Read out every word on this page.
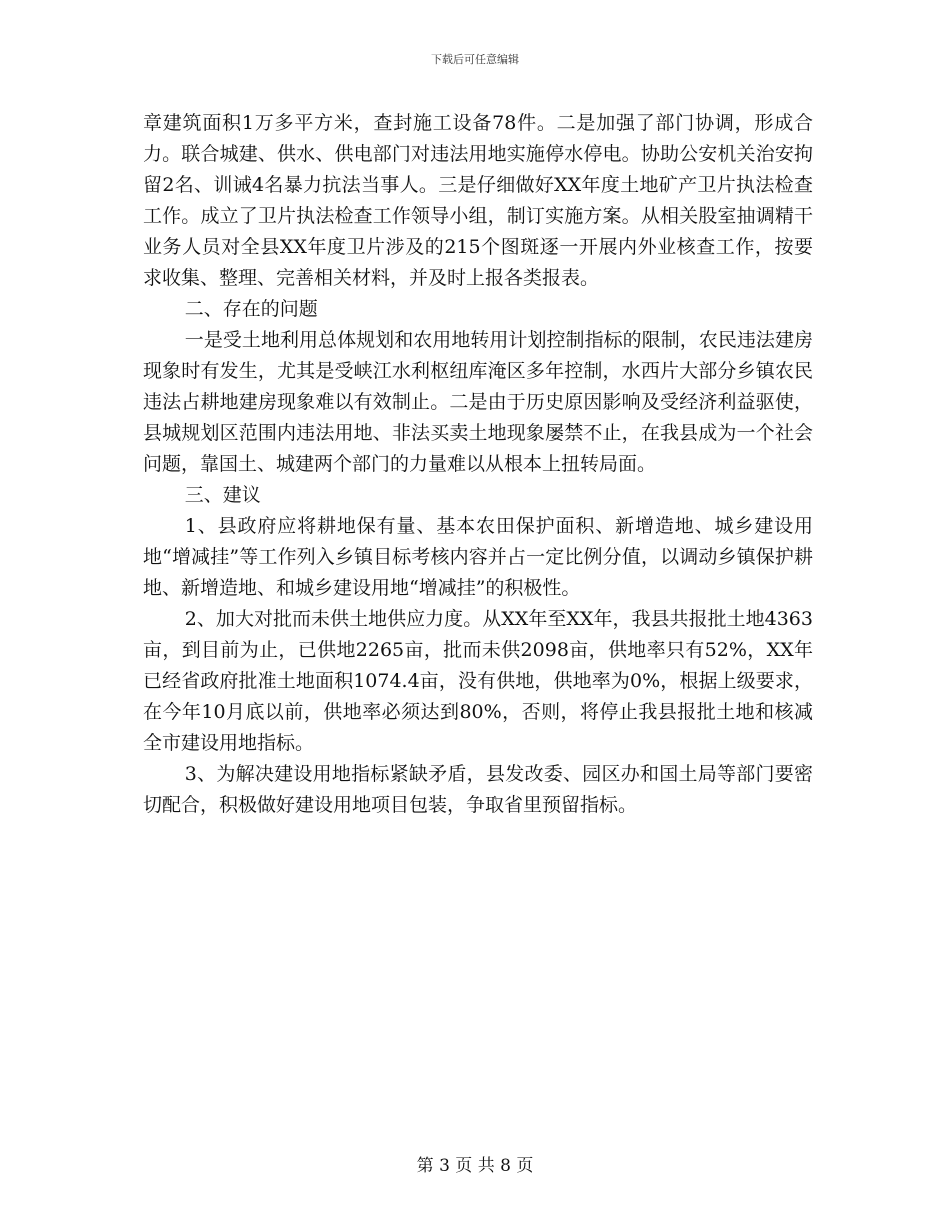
下载后可任意编辑

章建筑面积1万多平方米，查封施工设备78件。二是加强了部门协调，形成合力。联合城建、供水、供电部门对违法用地实施停水停电。协助公安机关治安拘留2名、训诫4名暴力抗法当事人。三是仔细做好XX年度土地矿产卫片执法检查工作。成立了卫片执法检查工作领导小组，制订实施方案。从相关股室抽调精干业务人员对全县XX年度卫片涉及的215个图斑逐一开展内外业核查工作，按要求收集、整理、完善相关材料，并及时上报各类报表。

二、存在的问题

一是受土地利用总体规划和农用地转用计划控制指标的限制，农民违法建房现象时有发生，尤其是受峡江水利枢纽库淹区多年控制，水西片大部分乡镇农民违法占耕地建房现象难以有效制止。二是由于历史原因影响及受经济利益驱使，县城规划区范围内违法用地、非法买卖土地现象屡禁不止，在我县成为一个社会问题，靠国土、城建两个部门的力量难以从根本上扭转局面。

三、建议

1、县政府应将耕地保有量、基本农田保护面积、新增造地、城乡建设用地“增减挂”等工作列入乡镇目标考核内容并占一定比例分值，以调动乡镇保护耕地、新增造地、和城乡建设用地“增减挂”的积极性。

2、加大对批而未供土地供应力度。从XX年至XX年，我县共报批土地4363亩，到目前为止，已供地2265亩，批而未供2098亩，供地率只有52%，XX年已经省政府批准土地面积1074.4亩，没有供地，供地率为0%，根据上级要求，在今年10月底以前，供地率必须达到80%，否则，将停止我县报批土地和核减全市建设用地指标。

3、为解决建设用地指标紧缺矛盾，县发改委、园区办和国土局等部门要密切配合，积极做好建设用地项目包装，争取省里预留指标。

第 3 页 共 8 页
